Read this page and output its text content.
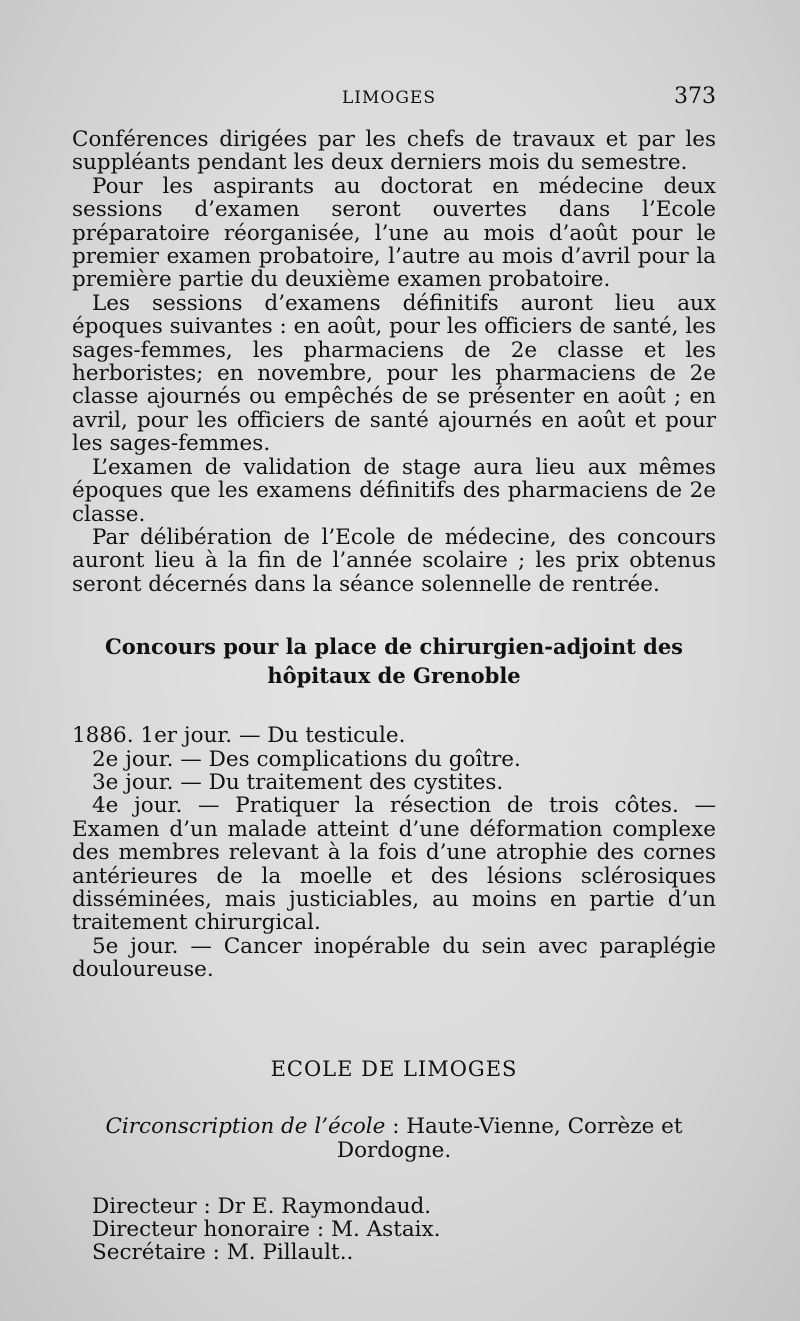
LIMOGES	373

Conférences dirigées par les chefs de travaux et par les suppléants pendant les deux derniers mois du semestre.

Pour les aspirants au doctorat en médecine deux sessions d’examen seront ouvertes dans l’Ecole préparatoire réorganisée, l’une au mois d’août pour le premier examen probatoire, l’autre au mois d’avril pour la première partie du deuxième examen probatoire.

Les sessions d’examens définitifs auront lieu aux époques suivantes : en août, pour les officiers de santé, les sages-femmes, les pharmaciens de 2e classe et les herboristes; en novembre, pour les pharmaciens de 2e classe ajournés ou empêchés de se présenter en août ; en avril, pour les officiers de santé ajournés en août et pour les sages-femmes.

L’examen de validation de stage aura lieu aux mêmes époques que les examens définitifs des pharmaciens de 2e classe.

Par délibération de l’Ecole de médecine, des concours auront lieu à la fin de l’année scolaire ; les prix obtenus seront décernés dans la séance solennelle de rentrée.

Concours pour la place de chirurgien-adjoint des hôpitaux de Grenoble

1886. 1er jour. — Du testicule.

2e jour. — Des complications du goître.

3e jour. — Du traitement des cystites.

4e jour. — Pratiquer la résection de trois côtes. — Examen d’un malade atteint d’une déformation complexe des membres relevant à la fois d’une atrophie des cornes antérieures de la moelle et des lésions sclérosiques disséminées, mais justiciables, au moins en partie d’un traitement chirurgical.

5e jour. — Cancer inopérable du sein avec paraplégie douloureuse.

ECOLE DE LIMOGES
Circonscription de l’école : Haute-Vienne, Corrèze et Dordogne.

Directeur : Dr E. Raymondaud.

Directeur honoraire : M. Astaix.

Secrétaire : M. Pillault..
